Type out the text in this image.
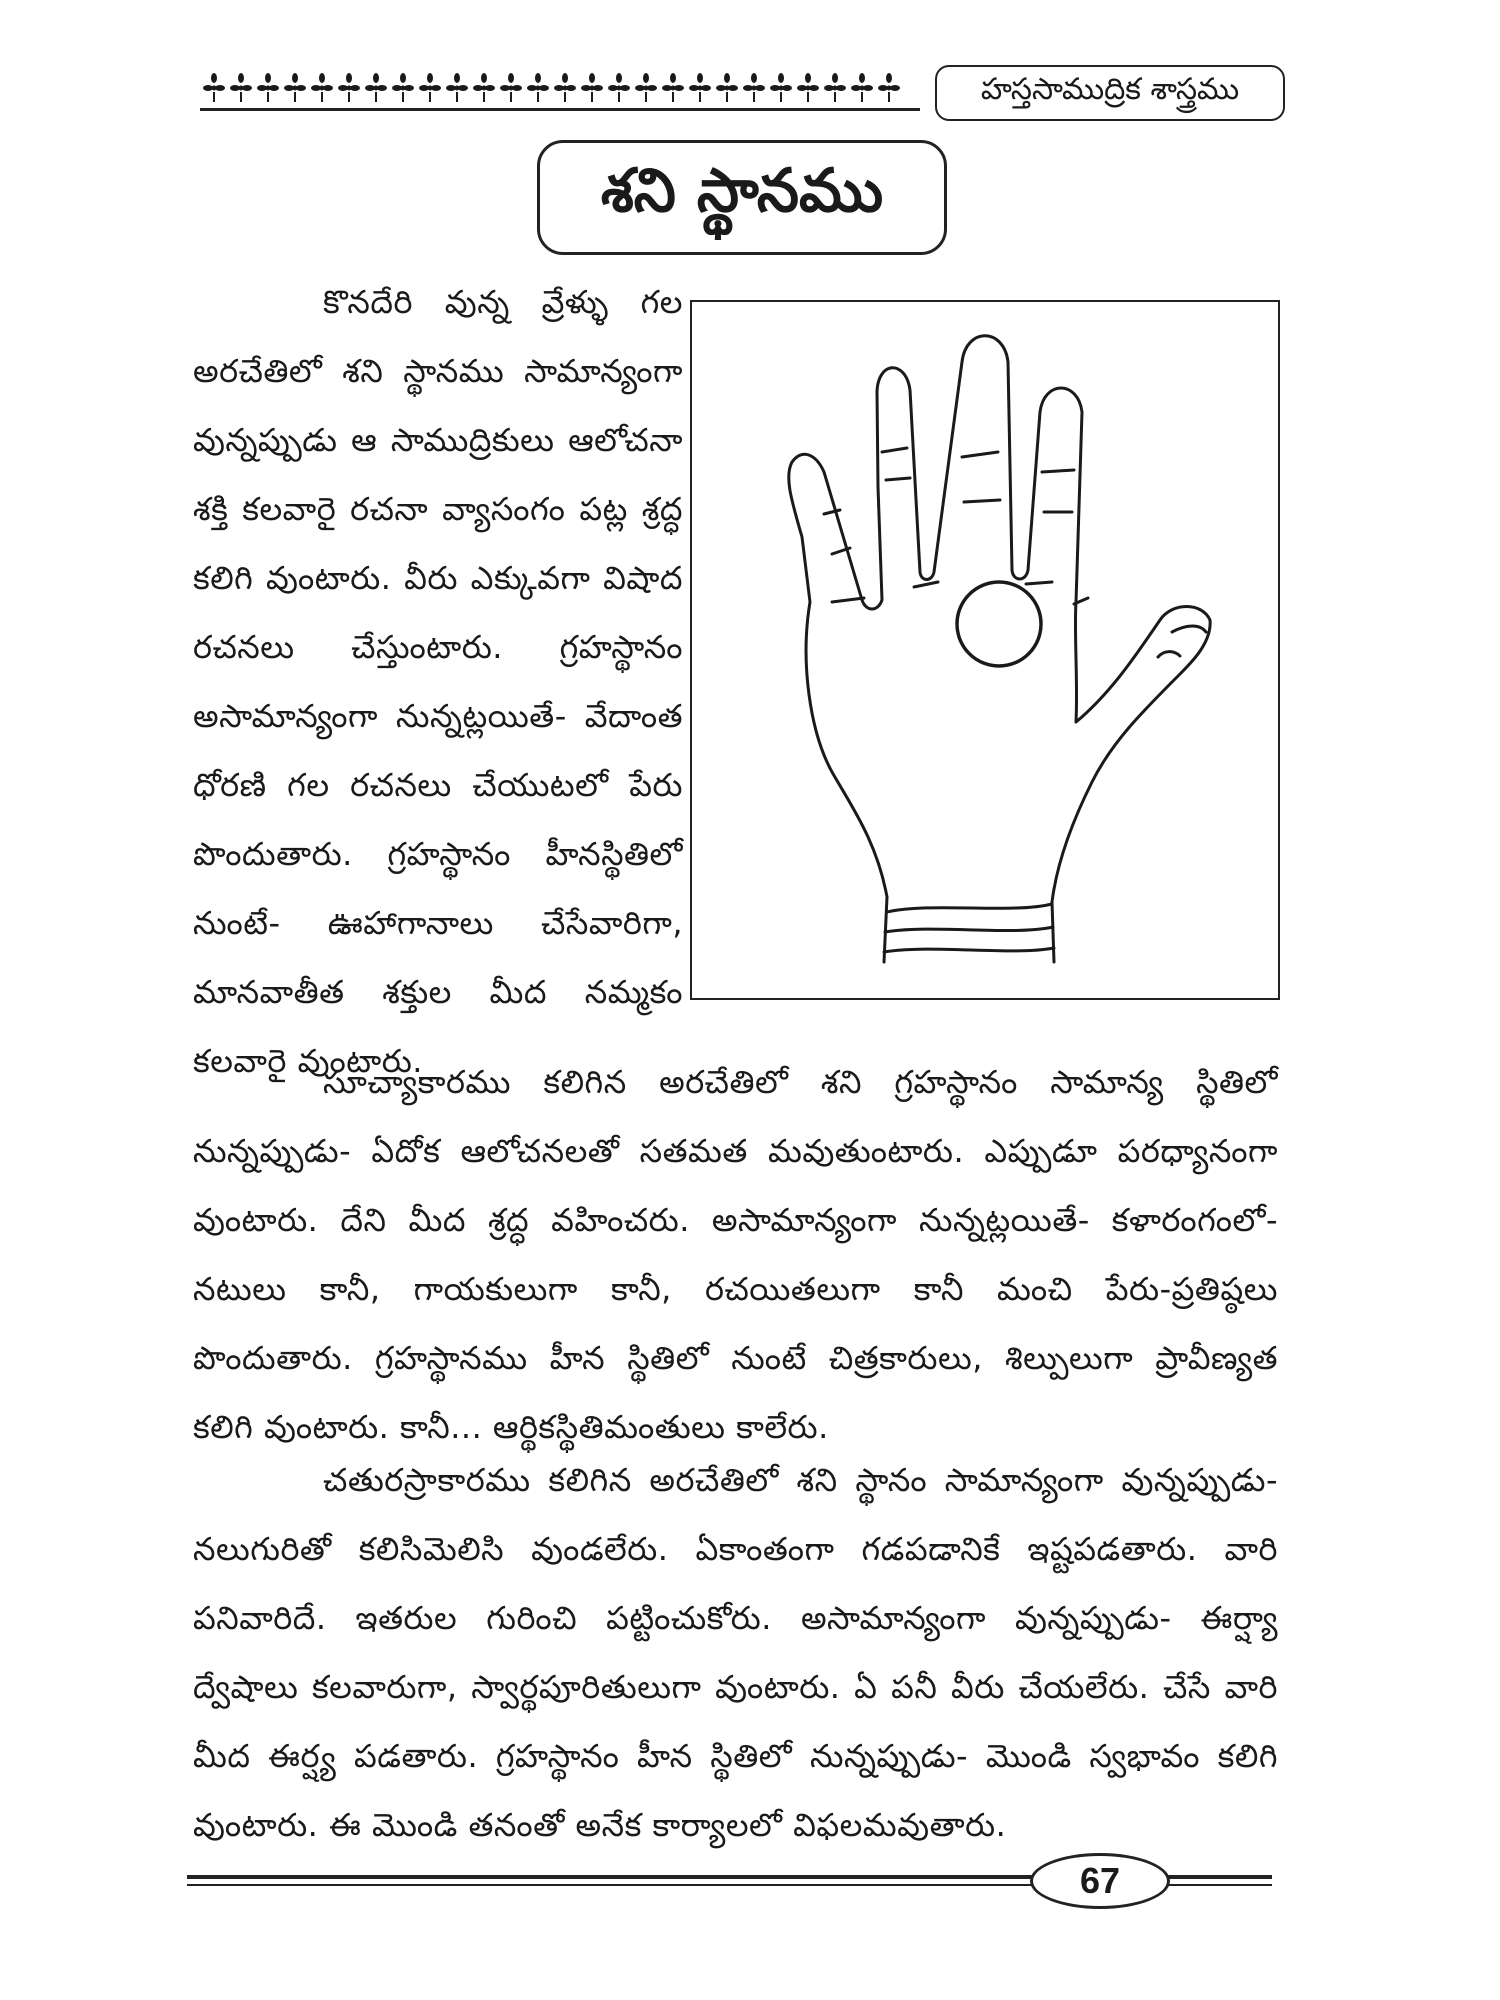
హస్తసాముద్రిక శాస్త్రము
శని స్థానము
కొనదేరి వున్న వ్రేళ్ళు గల
అరచేతిలో శని స్థానము సామాన్యంగా
వున్నప్పుడు ఆ సాముద్రికులు ఆలోచనా
శక్తి కలవారై రచనా వ్యాసంగం పట్ల శ్రద్ధ
కలిగి వుంటారు. వీరు ఎక్కువగా విషాద
రచనలు చేస్తుంటారు. గ్రహస్థానం
అసామాన్యంగా నున్నట్లయితే- వేదాంత
ధోరణి గల రచనలు చేయుటలో పేరు
పొందుతారు. గ్రహస్థానం హీనస్థితిలో
నుంటే- ఊహాగానాలు చేసేవారిగా,
మానవాతీత శక్తుల మీద నమ్మకం
కలవారై వుంటారు.
సూచ్యాకారము కలిగిన అరచేతిలో శని గ్రహస్థానం సామాన్య స్థితిలో
నున్నప్పుడు- ఏదోక ఆలోచనలతో సతమత మవుతుంటారు. ఎప్పుడూ పరధ్యానంగా
వుంటారు. దేని మీద శ్రద్ధ వహించరు. అసామాన్యంగా నున్నట్లయితే- కళారంగంలో-
నటులు కానీ, గాయకులుగా కానీ, రచయితలుగా కానీ మంచి పేరు-ప్రతిష్ఠలు
పొందుతారు. గ్రహస్థానము హీన స్థితిలో నుంటే చిత్రకారులు, శిల్పులుగా ప్రావీణ్యత
కలిగి వుంటారు. కానీ... ఆర్థికస్థితిమంతులు కాలేరు.
చతురస్రాకారము కలిగిన అరచేతిలో శని స్థానం సామాన్యంగా వున్నప్పుడు-
నలుగురితో కలిసిమెలిసి వుండలేరు. ఏకాంతంగా గడపడానికే ఇష్టపడతారు. వారి
పనివారిదే. ఇతరుల గురించి పట్టించుకోరు. అసామాన్యంగా వున్నప్పుడు- ఈర్ష్యా
ద్వేషాలు కలవారుగా, స్వార్థపూరితులుగా వుంటారు. ఏ పనీ వీరు చేయలేరు. చేసే వారి
మీద ఈర్ష్య పడతారు. గ్రహస్థానం హీన స్థితిలో నున్నప్పుడు- మొండి స్వభావం కలిగి
వుంటారు. ఈ మొండి తనంతో అనేక కార్యాలలో విఫలమవుతారు.
67
